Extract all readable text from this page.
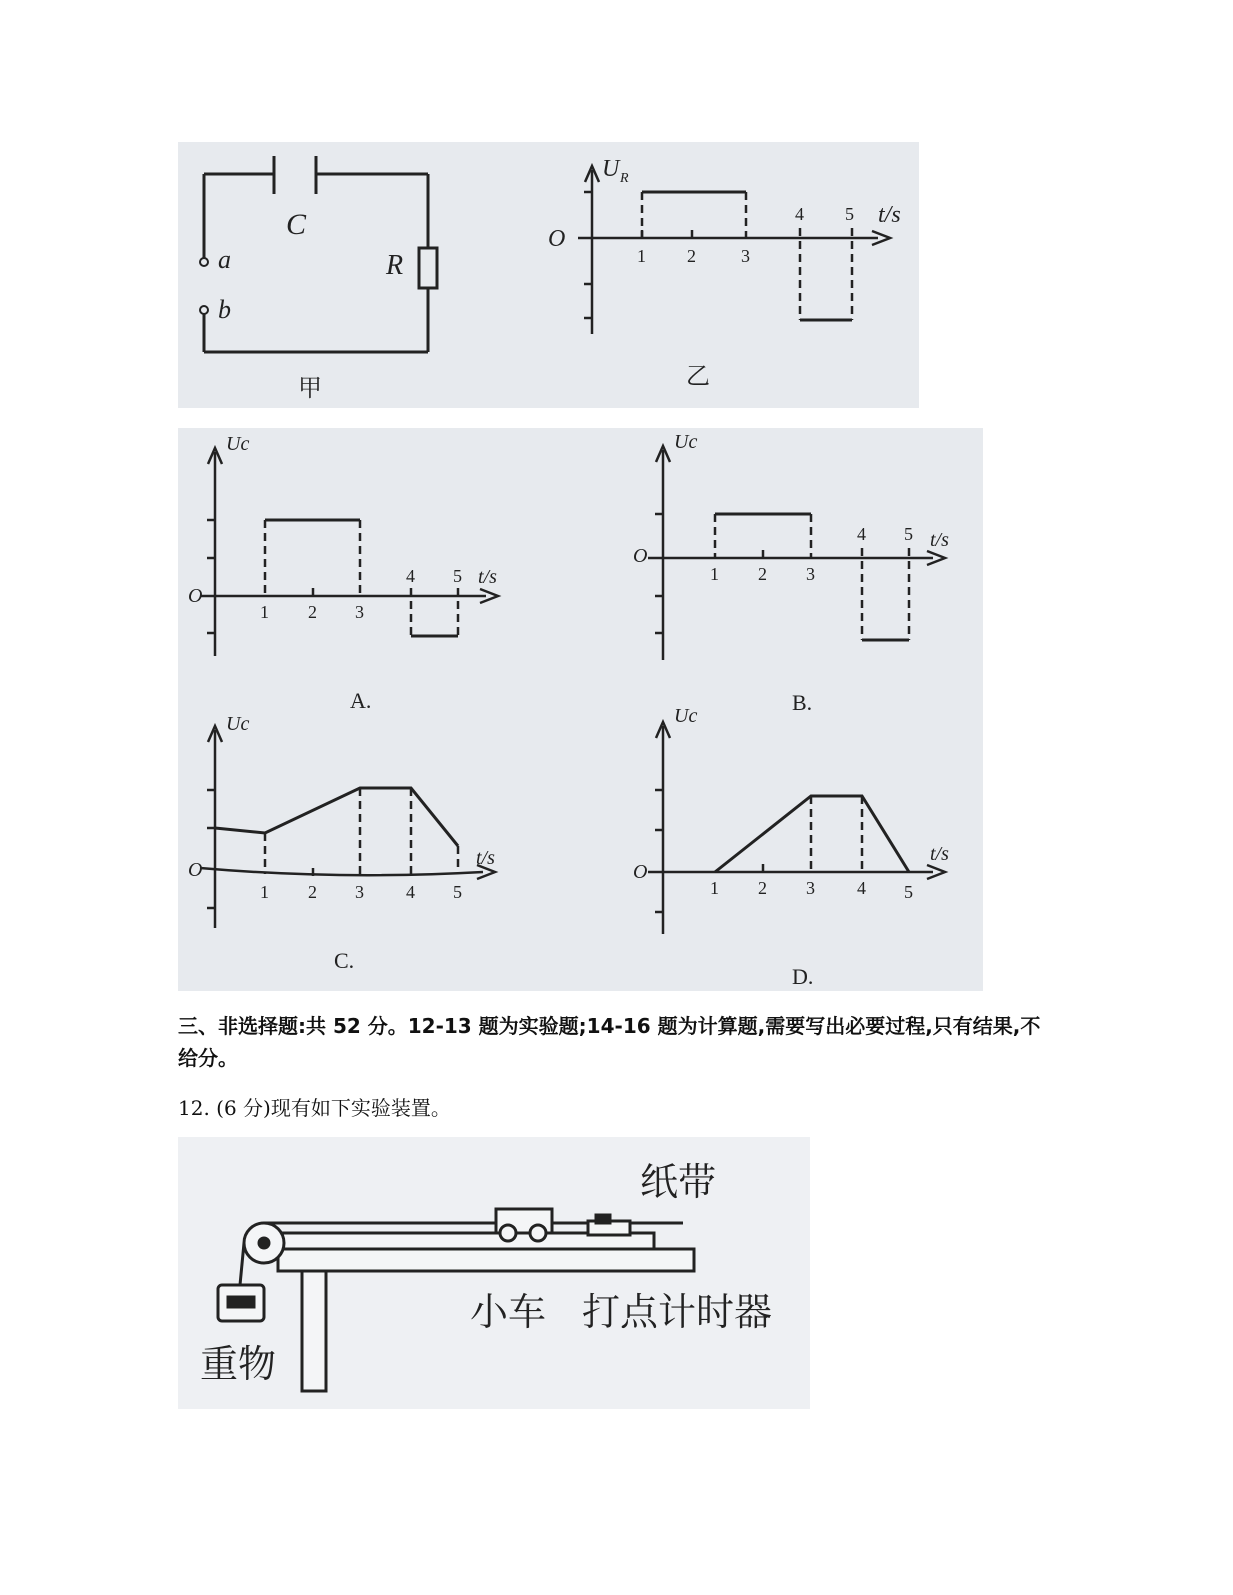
C
R
a
b
甲
U R
t/s
O
1 2	3
4 5
乙
Uc
t/s
O
1 2 3
4 5
A.
Uc
t/s
O
1 2 3
4 5
B.
Uc
t/s
O
1 2 3 4 5
C.
Uc
t/s
O
1 2 3 4 5
D.
三、非选择题:共 52 分。12-13 题为实验题;14-16 题为计算题,需要写出必要过程,只有结果,不给分。
12. (6 分)现有如下实验装置。
纸带
小车 打点计时器
重物
